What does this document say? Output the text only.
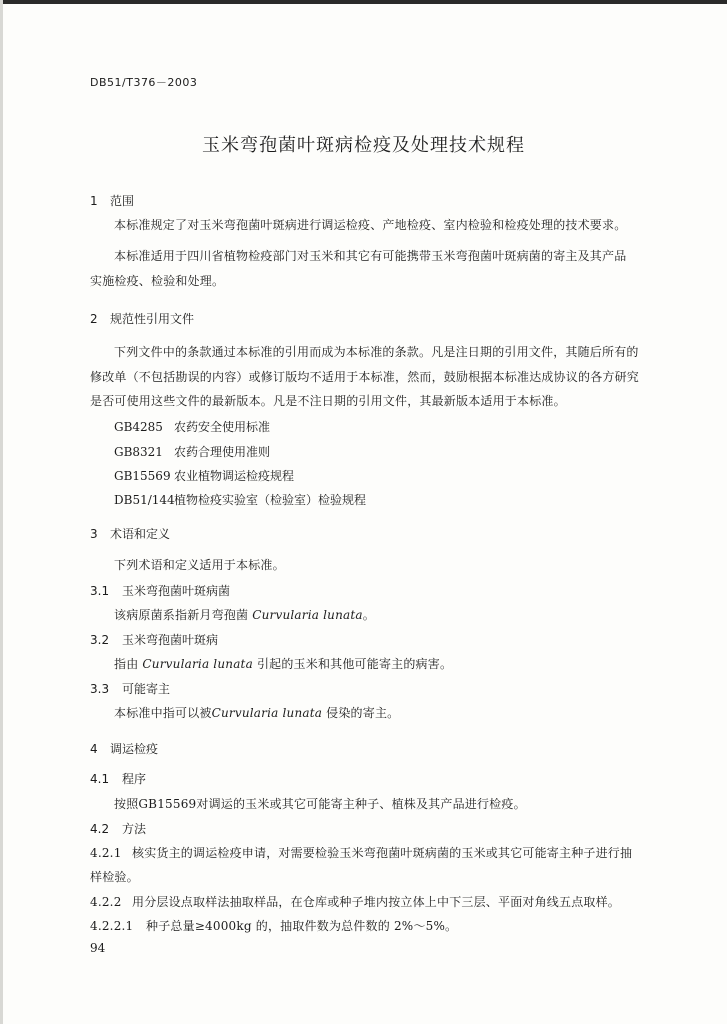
DB51/T376－2003
玉米弯孢菌叶斑病检疫及处理技术规程
1 范围
本标准规定了对玉米弯孢菌叶斑病进行调运检疫、产地检疫、室内检验和检疫处理的技术要求。
本标准适用于四川省植物检疫部门对玉米和其它有可能携带玉米弯孢菌叶斑病菌的寄主及其产品
实施检疫、检验和处理。
2 规范性引用文件
下列文件中的条款通过本标准的引用而成为本标准的条款。凡是注日期的引用文件，其随后所有的
修改单（不包括勘误的内容）或修订版均不适用于本标准，然而，鼓励根据本标准达成协议的各方研究
是否可使用这些文件的最新版本。凡是不注日期的引用文件，其最新版本适用于本标准。
GB4285 农药安全使用标准
GB8321 农药合理使用准则
GB15569 农业植物调运检疫规程
DB51/144植物检疫实验室（检验室）检验规程
3 术语和定义
下列术语和定义适用于本标准。
3.1 玉米弯孢菌叶斑病菌
该病原菌系指新月弯孢菌 Curvularia lunata。
3.2 玉米弯孢菌叶斑病
指由 Curvularia lunata 引起的玉米和其他可能寄主的病害。
3.3 可能寄主
本标准中指可以被Curvularia lunata 侵染的寄主。
4 调运检疫
4.1 程序
按照GB15569对调运的玉米或其它可能寄主种子、植株及其产品进行检疫。
4.2 方法
4.2.1 核实货主的调运检疫申请，对需要检验玉米弯孢菌叶斑病菌的玉米或其它可能寄主种子进行抽
样检验。
4.2.2 用分层设点取样法抽取样品，在仓库或种子堆内按立体上中下三层、平面对角线五点取样。
4.2.2.1 种子总量≥4000kg 的，抽取件数为总件数的 2%～5%。
94
